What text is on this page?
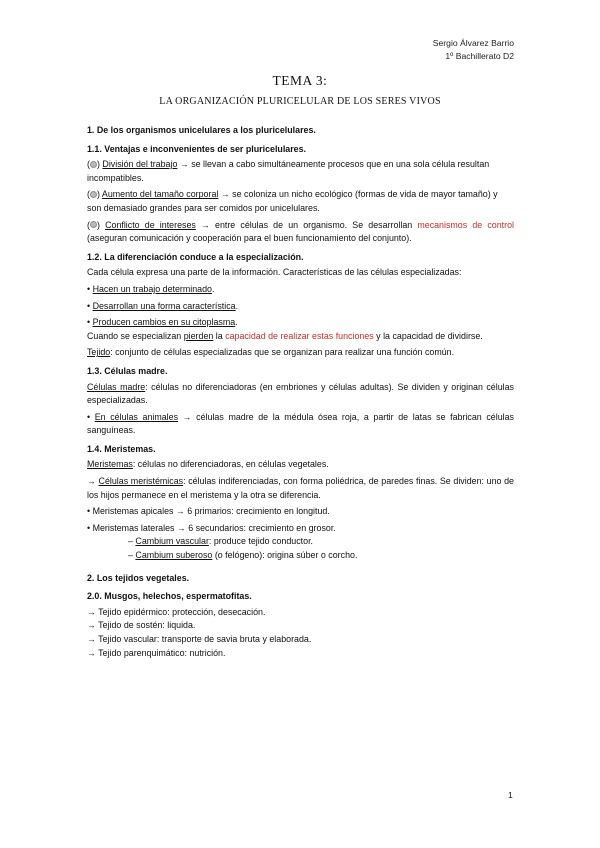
Sergio Álvarez Barrio
1º Bachillerato D2
TEMA 3:
LA ORGANIZACIÓN PLURICELULAR DE LOS SERES VIVOS

1. De los organismos unicelulares a los pluricelulares.

1.1. Ventajas e inconvenientes de ser pluricelulares.

( ) División del trabajo → se llevan a cabo simultáneamente procesos que en una sola célula resultan incompatibles.

( ) Aumento del tamaño corporal → se coloniza un nicho ecológico (formas de vida de mayor tamaño) y son demasiado grandes para ser comidos por unicelulares.

( ) Conflicto de intereses → entre células de un organismo. Se desarrollan mecanismos de control (aseguran comunicación y cooperación para el buen funcionamiento del conjunto).

1.2. La diferenciación conduce a la especialización.

Cada célula expresa una parte de la información. Características de las células especializadas:

• Hacen un trabajo determinado.

• Desarrollan una forma característica.

• Producen cambios en su citoplasma.

Cuando se especializan pierden la capacidad de realizar estas funciones y la capacidad de dividirse.

Tejido: conjunto de células especializadas que se organizan para realizar una función común.

1.3. Células madre.

Células madre: células no diferenciadoras (en embriones y células adultas). Se dividen y originan células especializadas.

• En células animales → células madre de la médula ósea roja, a partir de latas se fabrican células sanguíneas.

1.4. Meristemas.

Meristemas: células no diferenciadoras, en células vegetales.

→ Células meristémicas: células indiferenciadas, con forma poliédrica, de paredes finas. Se dividen: uno de los hijos permanece en el meristema y la otra se diferencia.

• Meristemas apicales → 6 primarios: crecimiento en longitud.

• Meristemas laterales → 6 secundarios: crecimiento en grosor.

– Cambium vascular: produce tejido conductor.

– Cambium suberoso (o felógeno): origina súber o corcho.

2. Los tejidos vegetales.

2.0. Musgos, helechos, espermatofitas.

→ Tejido epidérmico: protección, desecación.

→ Tejido de sostén: liquida.

→ Tejido vascular: transporte de savia bruta y elaborada.

→ Tejido parenquimático: nutrición.

1
